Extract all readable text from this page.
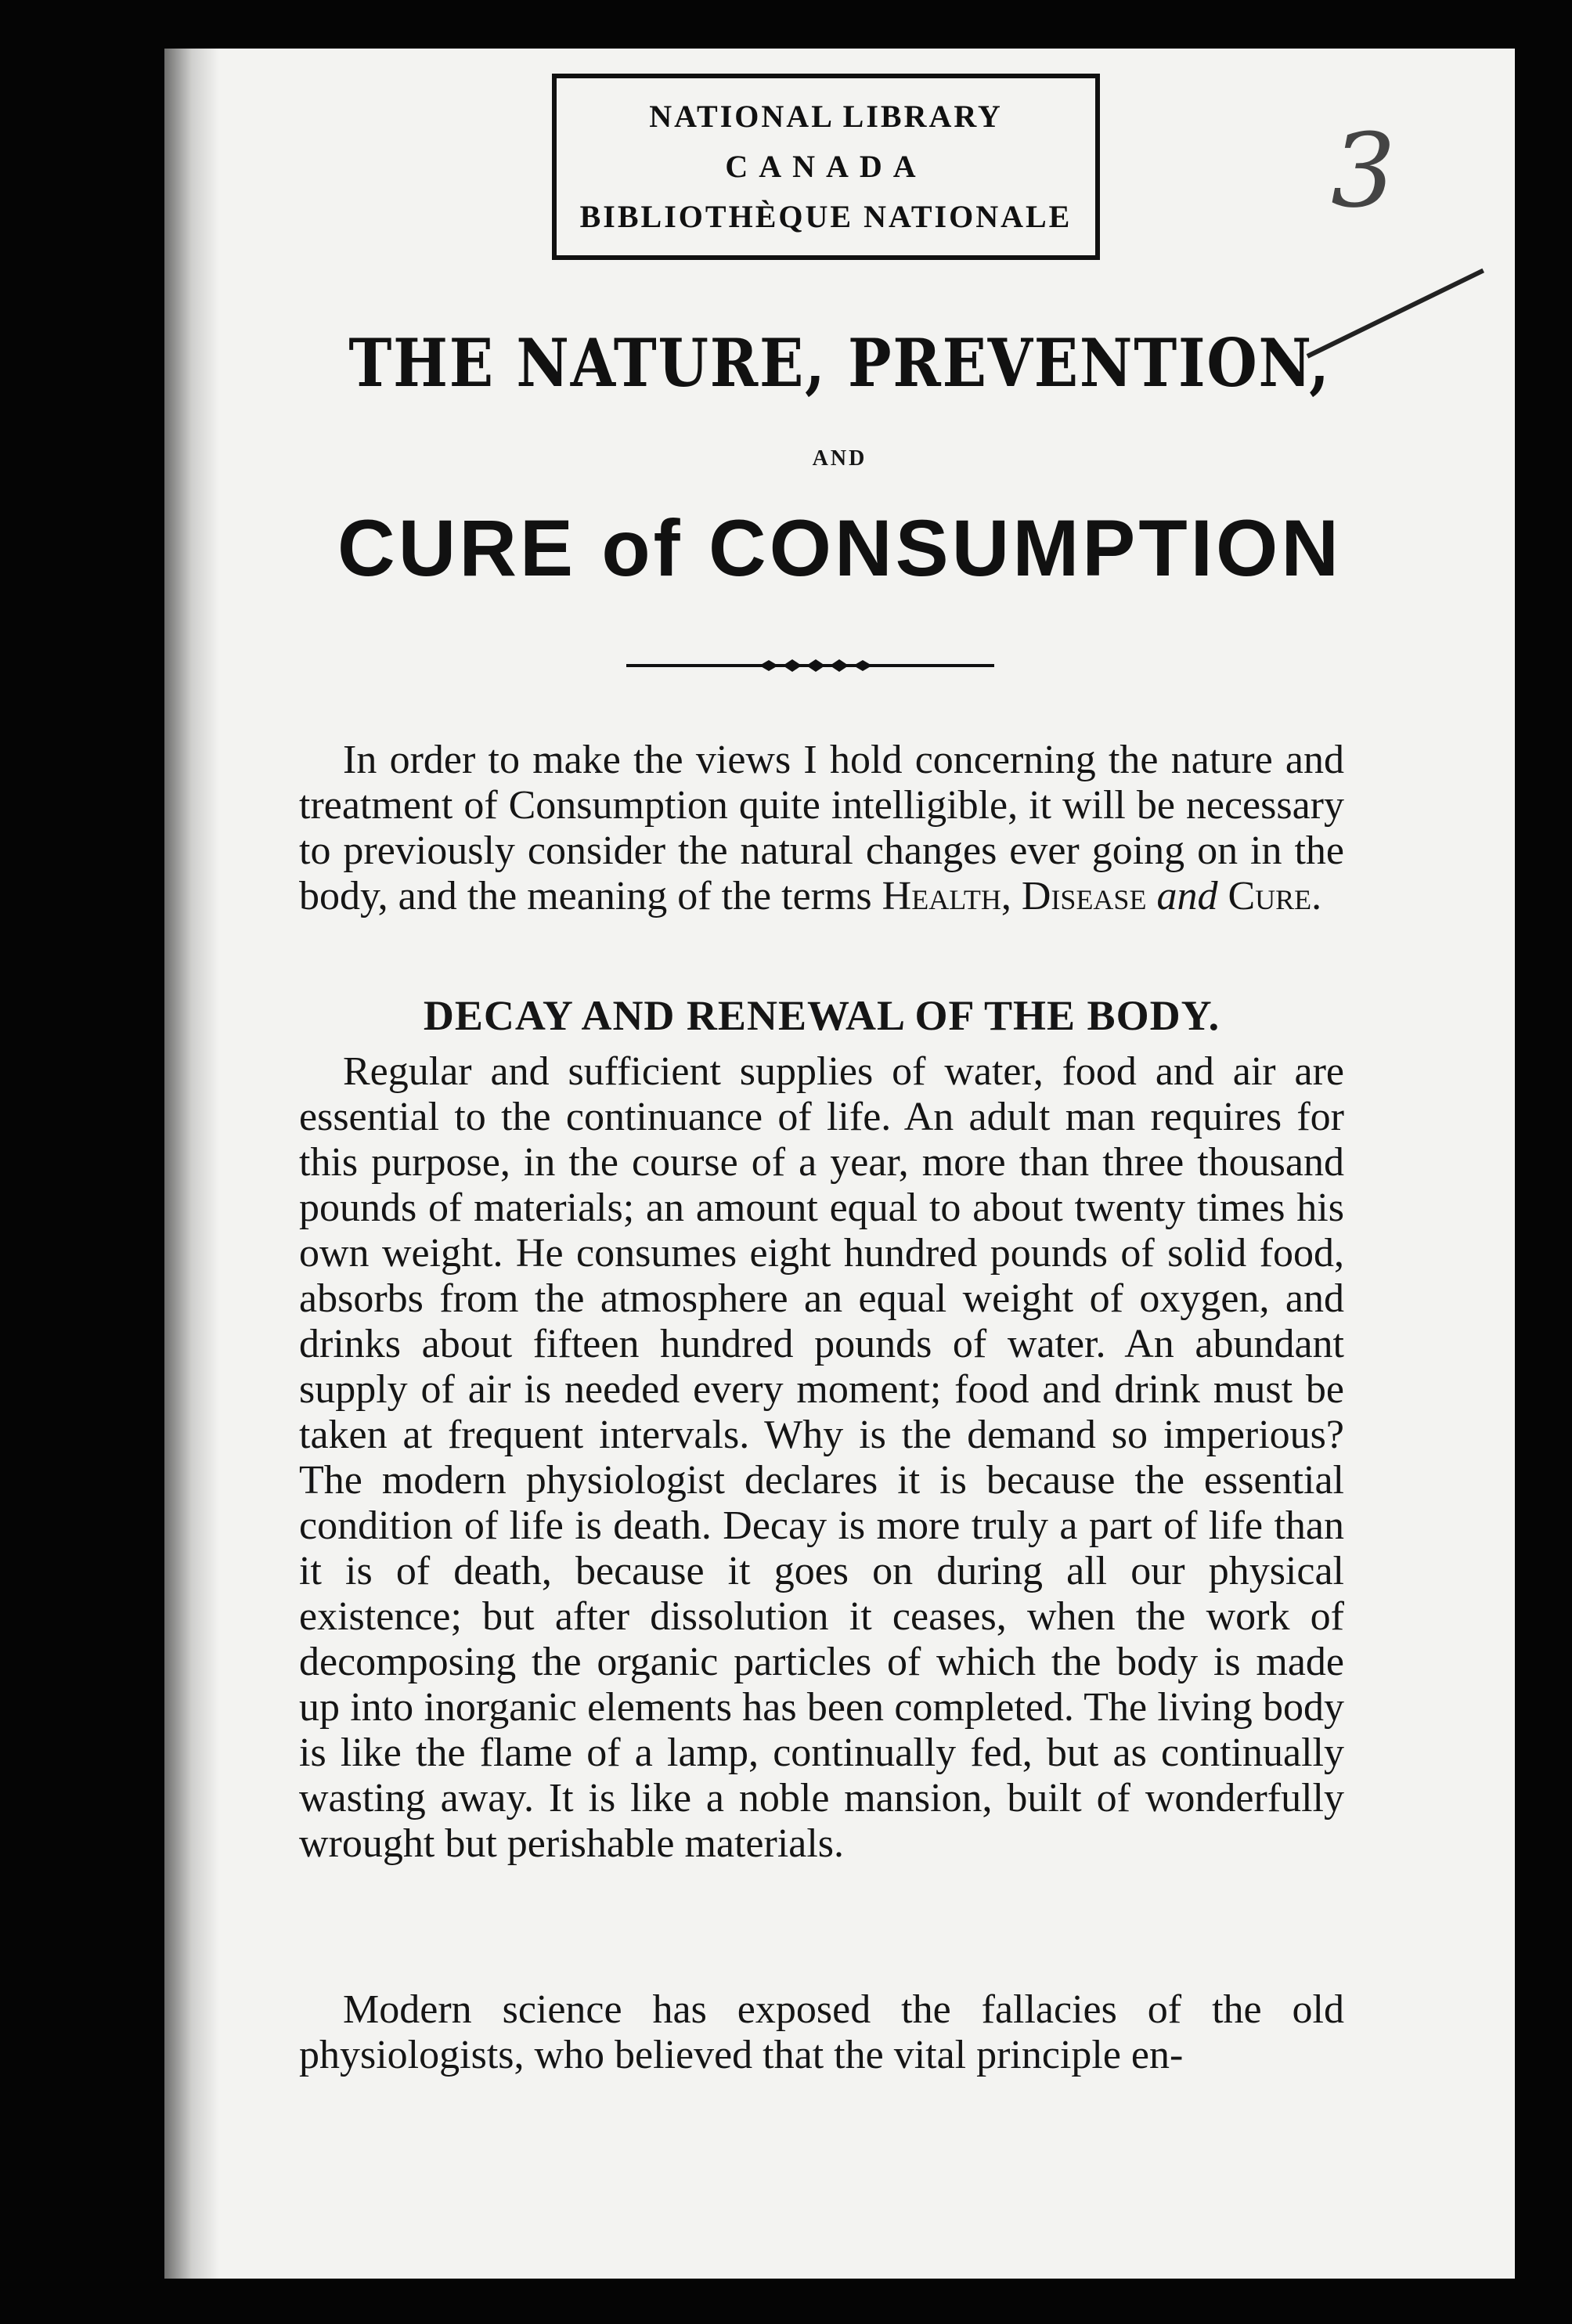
NATIONAL LIBRARY
CANADA
BIBLIOTHÈQUE NATIONALE	3
THE NATURE, PREVENTION,
AND
CURE of CONSUMPTION

In order to make the views I hold concerning the nature and treatment of Consumption quite intelligible, it will be necessary to previously consider the natural changes ever going on in the body, and the meaning of the terms Health, Disease and Cure.

DECAY AND RENEWAL OF THE BODY.

Regular and sufficient supplies of water, food and air are essential to the continuance of life. An adult man requires for this purpose, in the course of a year, more than three thousand pounds of materials; an amount equal to about twenty times his own weight. He consumes eight hundred pounds of solid food, absorbs from the atmosphere an equal weight of oxygen, and drinks about fifteen hundred pounds of water. An abundant supply of air is needed every moment; food and drink must be taken at frequent intervals. Why is the demand so imperious? The modern physiologist declares it is because the essential condition of life is death. Decay is more truly a part of life than it is of death, because it goes on during all our physical existence; but after dissolution it ceases, when the work of decomposing the organic particles of which the body is made up into inorganic elements has been completed. The living body is like the flame of a lamp, continually fed, but as continually wasting away. It is like a noble mansion, built of wonderfully wrought but perishable materials.

Modern science has exposed the fallacies of the old physiologists, who believed that the vital principle en-
